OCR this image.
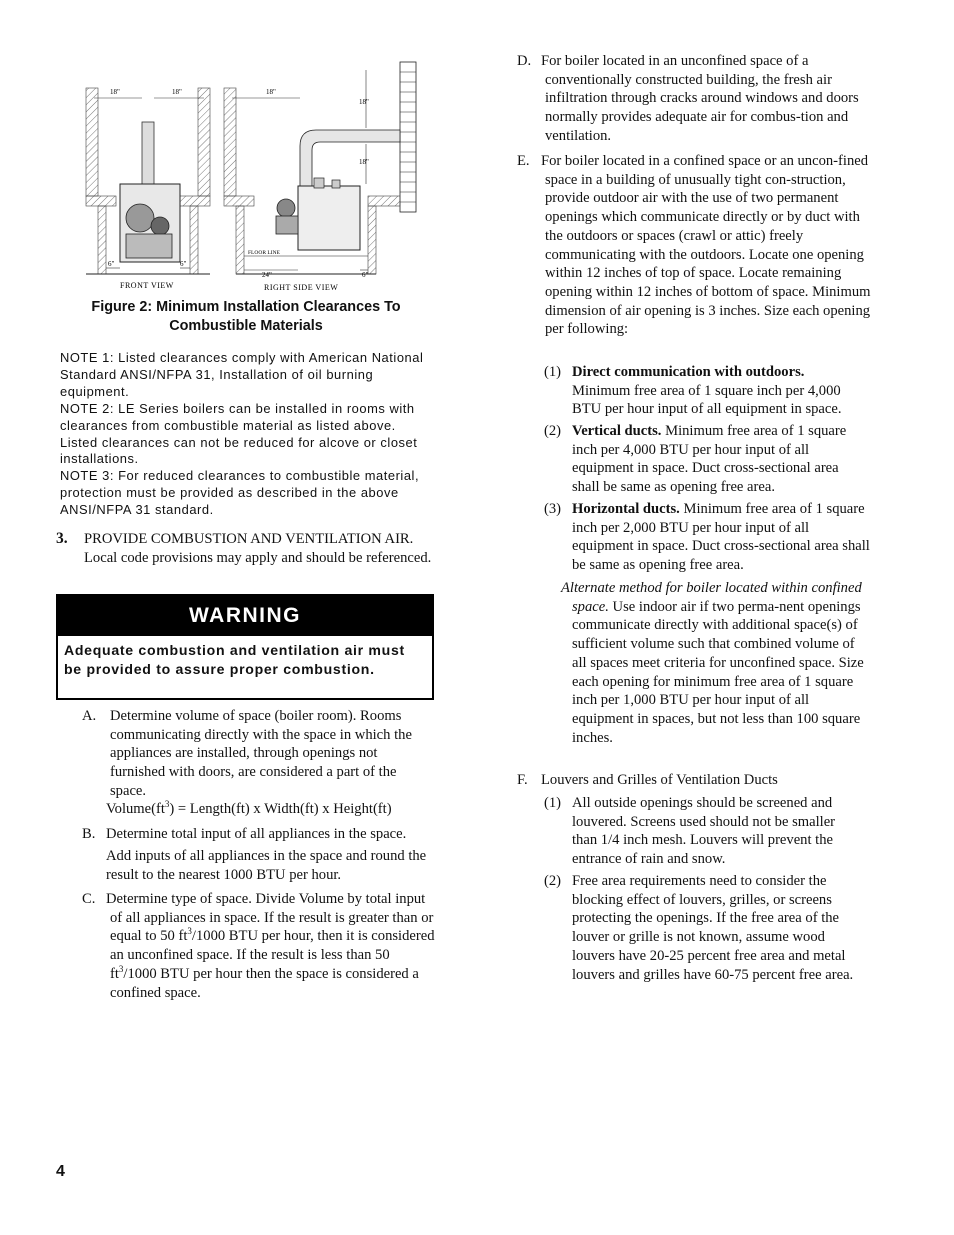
18"	18"
6"	6"
FRONT VIEW
18"
18"
18"
FLOOR LINE
24"	6"
RIGHT SIDE VIEW
Figure 2: Minimum Installation Clearances To
Combustible Materials

NOTE 1: Listed clearances comply with American National Standard ANSI/NFPA 31, Installation of oil burning equipment.

NOTE 2: LE Series boilers can be installed in rooms with clearances from combustible material as listed above. Listed clearances can not be reduced for alcove or closet installations.

NOTE 3: For reduced clearances to combustible material, protection must be provided as described in the above ANSI/NFPA 31 standard.

3. PROVIDE COMBUSTION AND VENTILATION AIR. Local code provisions may apply and should be referenced.
WARNING
Adequate combustion and ventilation air must be provided to assure proper combustion.
A. Determine volume of space (boiler room). Rooms communicating directly with the space in which the appliances are installed, through openings not furnished with doors, are considered a part of the space.
$Volume(ft^3)$ = Length(ft) x Width(ft) x Height(ft)
B. Determine total input of all appliances in the space.
Add inputs of all appliances in the space and round the result to the nearest 1000 BTU per hour.
C. Determine type of space. Divide Volume by total input of all appliances in space. If the result is greater than or equal to 50 $ft^3/1000$ BTU per hour, then it is considered an unconfined space. If the result is less than 50 $ft^3/1000$ BTU per hour then the space is considered a confined space.
D. For boiler located in an unconfined space of a conventionally constructed building, the fresh air infiltration through cracks around windows and doors normally provides adequate air for combus-tion and ventilation.
E. For boiler located in a confined space or an uncon-fined space in a building of unusually tight con-struction, provide outdoor air with the use of two permanent openings which communicate directly or by duct with the outdoors or spaces (crawl or attic) freely communicating with the outdoors. Locate one opening within 12 inches of top of space. Locate remaining opening within 12 inches of bottom of space. Minimum dimension of air opening is 3 inches. Size each opening per following:
(1) Direct communication with outdoors.
Minimum free area of 1 square inch per 4,000 BTU per hour input of all equipment in space.
(2) Vertical ducts. Minimum free area of 1 square inch per 4,000 BTU per hour input of all equipment in space. Duct cross-sectional area shall be same as opening free area.
(3) Horizontal ducts. Minimum free area of 1 square inch per 2,000 BTU per hour input of all equipment in space. Duct cross-sectional area shall be same as opening free area.
Alternate method for boiler located within confined space. Use indoor air if two perma-nent openings communicate directly with additional space(s) of sufficient volume such that combined volume of all spaces meet criteria for unconfined space. Size each opening for minimum free area of 1 square inch per 1,000 BTU per hour input of all equipment in spaces, but not less than 100 square inches.
F. Louvers and Grilles of Ventilation Ducts
(1) All outside openings should be screened and louvered. Screens used should not be smaller than 1/4 inch mesh. Louvers will prevent the entrance of rain and snow.
(2) Free area requirements need to consider the blocking effect of louvers, grilles, or screens protecting the openings. If the free area of the louver or grille is not known, assume wood louvers have 20-25 percent free area and metal louvers and grilles have 60-75 percent free area.
4
